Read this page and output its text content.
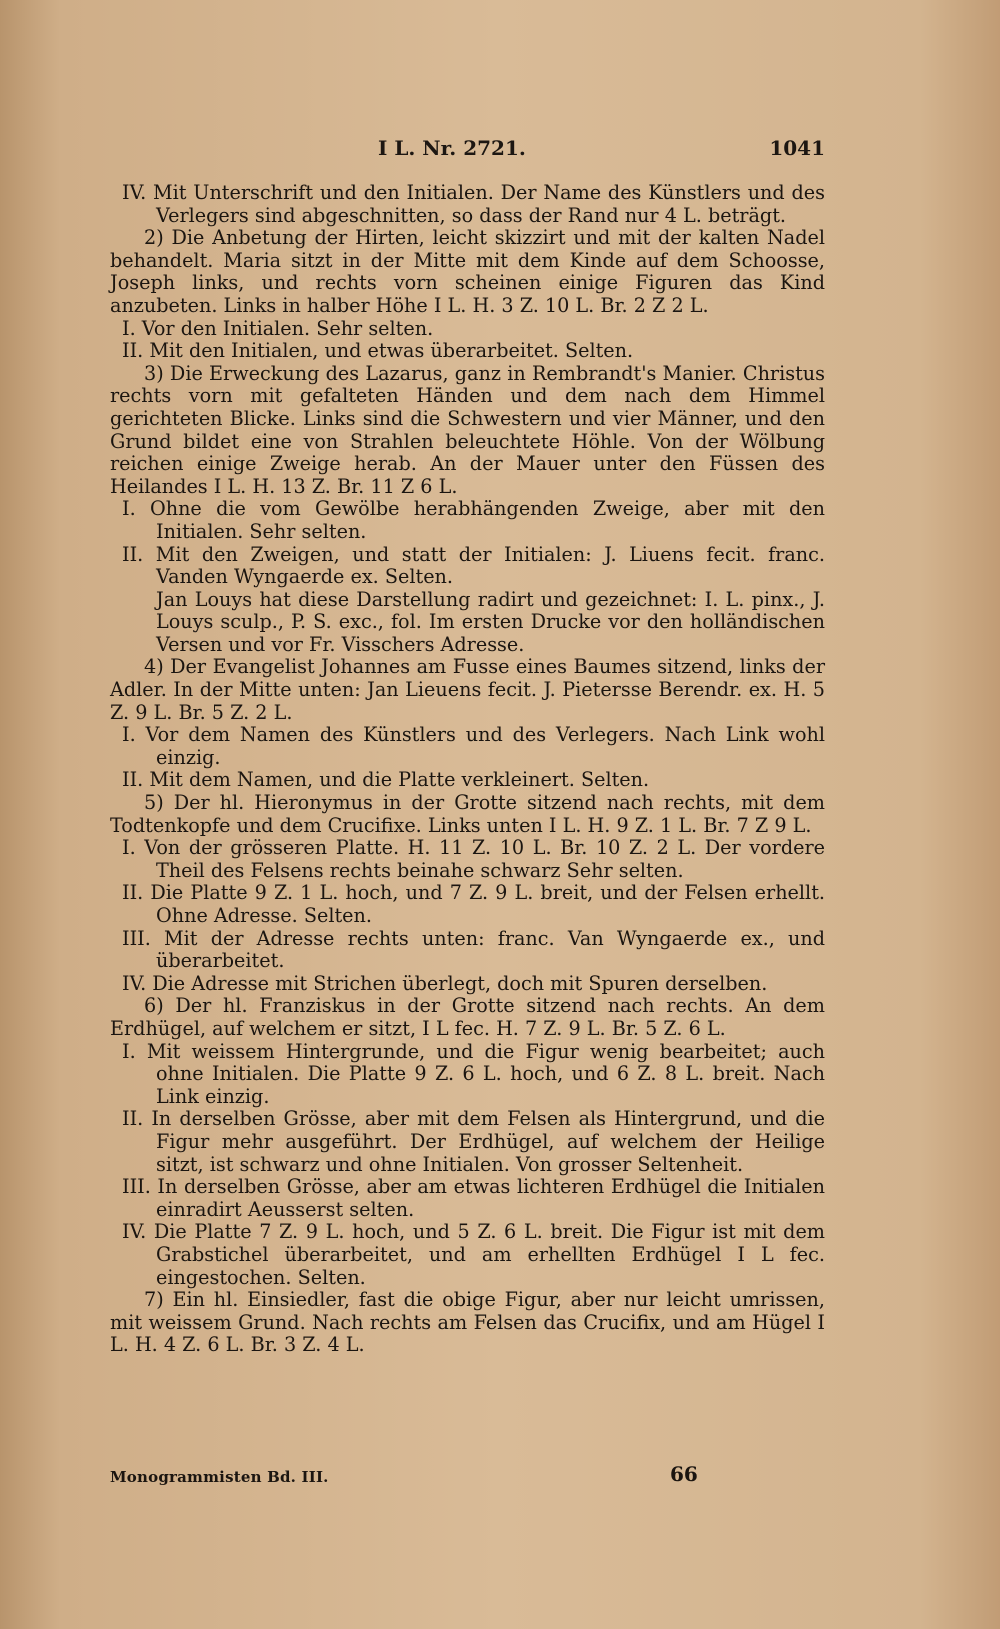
I L. Nr. 2721.	1041

IV. Mit Unterschrift und den Initialen. Der Name des Künstlers und des Verlegers sind abgeschnitten, so dass der Rand nur 4 L. beträgt.

2) Die Anbetung der Hirten, leicht skizzirt und mit der kalten Nadel behandelt. Maria sitzt in der Mitte mit dem Kinde auf dem Schoosse, Joseph links, und rechts vorn scheinen einige Figuren das Kind anzubeten. Links in halber Höhe I L. H. 3 Z. 10 L. Br. 2 Z 2 L.

I. Vor den Initialen. Sehr selten.

II. Mit den Initialen, und etwas überarbeitet. Selten.

3) Die Erweckung des Lazarus, ganz in Rembrandt's Manier. Christus rechts vorn mit gefalteten Händen und dem nach dem Himmel gerichteten Blicke. Links sind die Schwestern und vier Männer, und den Grund bildet eine von Strahlen beleuchtete Höhle. Von der Wölbung reichen einige Zweige herab. An der Mauer unter den Füssen des Heilandes I L. H. 13 Z. Br. 11 Z 6 L.

I. Ohne die vom Gewölbe herabhängenden Zweige, aber mit den Initialen. Sehr selten.

II. Mit den Zweigen, und statt der Initialen: J. Liuens fecit. franc. Vanden Wyngaerde ex. Selten.

Jan Louys hat diese Darstellung radirt und gezeichnet: I. L. pinx., J. Louys sculp., P. S. exc., fol. Im ersten Drucke vor den holländischen Versen und vor Fr. Visschers Adresse.

4) Der Evangelist Johannes am Fusse eines Baumes sitzend, links der Adler. In der Mitte unten: Jan Lieuens fecit. J. Pietersse Berendr. ex. H. 5 Z. 9 L. Br. 5 Z. 2 L.

I. Vor dem Namen des Künstlers und des Verlegers. Nach Link wohl einzig.

II. Mit dem Namen, und die Platte verkleinert. Selten.

5) Der hl. Hieronymus in der Grotte sitzend nach rechts, mit dem Todtenkopfe und dem Crucifixe. Links unten I L. H. 9 Z. 1 L. Br. 7 Z 9 L.

I. Von der grösseren Platte. H. 11 Z. 10 L. Br. 10 Z. 2 L. Der vordere Theil des Felsens rechts beinahe schwarz Sehr selten.

II. Die Platte 9 Z. 1 L. hoch, und 7 Z. 9 L. breit, und der Felsen erhellt. Ohne Adresse. Selten.

III. Mit der Adresse rechts unten: franc. Van Wyngaerde ex., und überarbeitet.

IV. Die Adresse mit Strichen überlegt, doch mit Spuren derselben.

6) Der hl. Franziskus in der Grotte sitzend nach rechts. An dem Erdhügel, auf welchem er sitzt, I L fec. H. 7 Z. 9 L. Br. 5 Z. 6 L.

I. Mit weissem Hintergrunde, und die Figur wenig bearbeitet; auch ohne Initialen. Die Platte 9 Z. 6 L. hoch, und 6 Z. 8 L. breit. Nach Link einzig.

II. In derselben Grösse, aber mit dem Felsen als Hintergrund, und die Figur mehr ausgeführt. Der Erdhügel, auf welchem der Heilige sitzt, ist schwarz und ohne Initialen. Von grosser Seltenheit.

III. In derselben Grösse, aber am etwas lichteren Erdhügel die Initialen einradirt Aeusserst selten.

IV. Die Platte 7 Z. 9 L. hoch, und 5 Z. 6 L. breit. Die Figur ist mit dem Grabstichel überarbeitet, und am erhellten Erdhügel I L fec. eingestochen. Selten.

7) Ein hl. Einsiedler, fast die obige Figur, aber nur leicht umrissen, mit weissem Grund. Nach rechts am Felsen das Crucifix, und am Hügel I L. H. 4 Z. 6 L. Br. 3 Z. 4 L.

Monogrammisten Bd. III.	66
